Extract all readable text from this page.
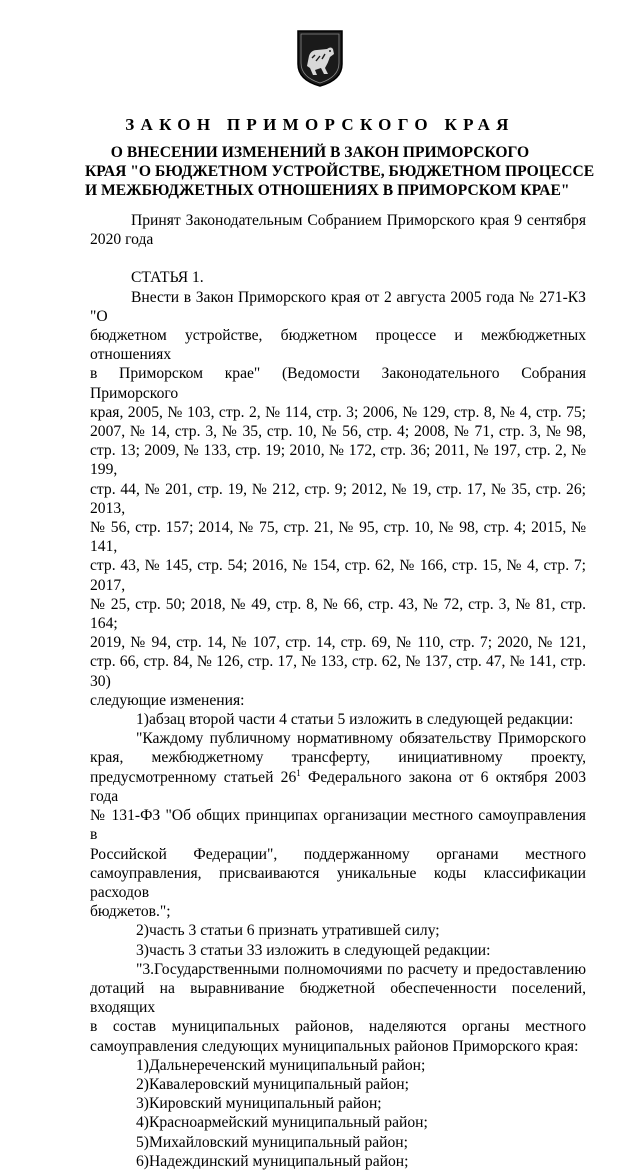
ЗАКОН ПРИМОРСКОГО КРАЯ
О ВНЕСЕНИИ ИЗМЕНЕНИЙ В ЗАКОН ПРИМОРСКОГО
КРАЯ "О БЮДЖЕТНОМ УСТРОЙСТВЕ, БЮДЖЕТНОМ ПРОЦЕССЕ
И МЕЖБЮДЖЕТНЫХ ОТНОШЕНИЯХ В ПРИМОРСКОМ КРАЕ"
Принят Законодательным Собранием Приморского края 9 сентября
2020 года
СТАТЬЯ 1.
Внести в Закон Приморского края от 2 августа 2005 года № 271-КЗ "О
бюджетном устройстве, бюджетном процессе и межбюджетных отношениях
в Приморском крае" (Ведомости Законодательного Собрания Приморского
края, 2005, № 103, стр. 2, № 114, стр. 3; 2006, № 129, стр. 8, № 4, стр. 75;
2007, № 14, стр. 3, № 35, стр. 10, № 56, стр. 4; 2008, № 71, стр. 3, № 98,
стр. 13; 2009, № 133, стр. 19; 2010, № 172, стр. 36; 2011, № 197, стр. 2, № 199,
стр. 44, № 201, стр. 19, № 212, стр. 9; 2012, № 19, стр. 17, № 35, стр. 26; 2013,
№ 56, стр. 157; 2014, № 75, стр. 21, № 95, стр. 10, № 98, стр. 4; 2015, № 141,
стр. 43, № 145, стр. 54; 2016, № 154, стр. 62, № 166, стр. 15, № 4, стр. 7; 2017,
№ 25, стр. 50; 2018, № 49, стр. 8, № 66, стр. 43, № 72, стр. 3, № 81, стр. 164;
2019, № 94, стр. 14, № 107, стр. 14, стр. 69, № 110, стр. 7; 2020, № 121,
стр. 66, стр. 84, № 126, стр. 17, № 133, стр. 62, № 137, стр. 47, № 141, стр. 30)
следующие изменения:
1)абзац второй части 4 статьи 5 изложить в следующей редакции:
"Каждому публичному нормативному обязательству Приморского
края, межбюджетному трансферту, инициативному проекту,
предусмотренному статьей $26^1$ Федерального закона от 6 октября 2003 года
№ 131-ФЗ "Об общих принципах организации местного самоуправления в
Российской Федерации", поддержанному органами местного
самоуправления, присваиваются уникальные коды классификации расходов
бюджетов.";
2)часть 3 статьи 6 признать утратившей силу;
3)часть 3 статьи 33 изложить в следующей редакции:
"3.Государственными полномочиями по расчету и предоставлению
дотаций на выравнивание бюджетной обеспеченности поселений, входящих
в состав муниципальных районов, наделяются органы местного
самоуправления следующих муниципальных районов Приморского края:
1)Дальнереченский муниципальный район;
2)Кавалеровский муниципальный район;
3)Кировский муниципальный район;
4)Красноармейский муниципальный район;
5)Михайловский муниципальный район;
6)Надеждинский муниципальный район;
